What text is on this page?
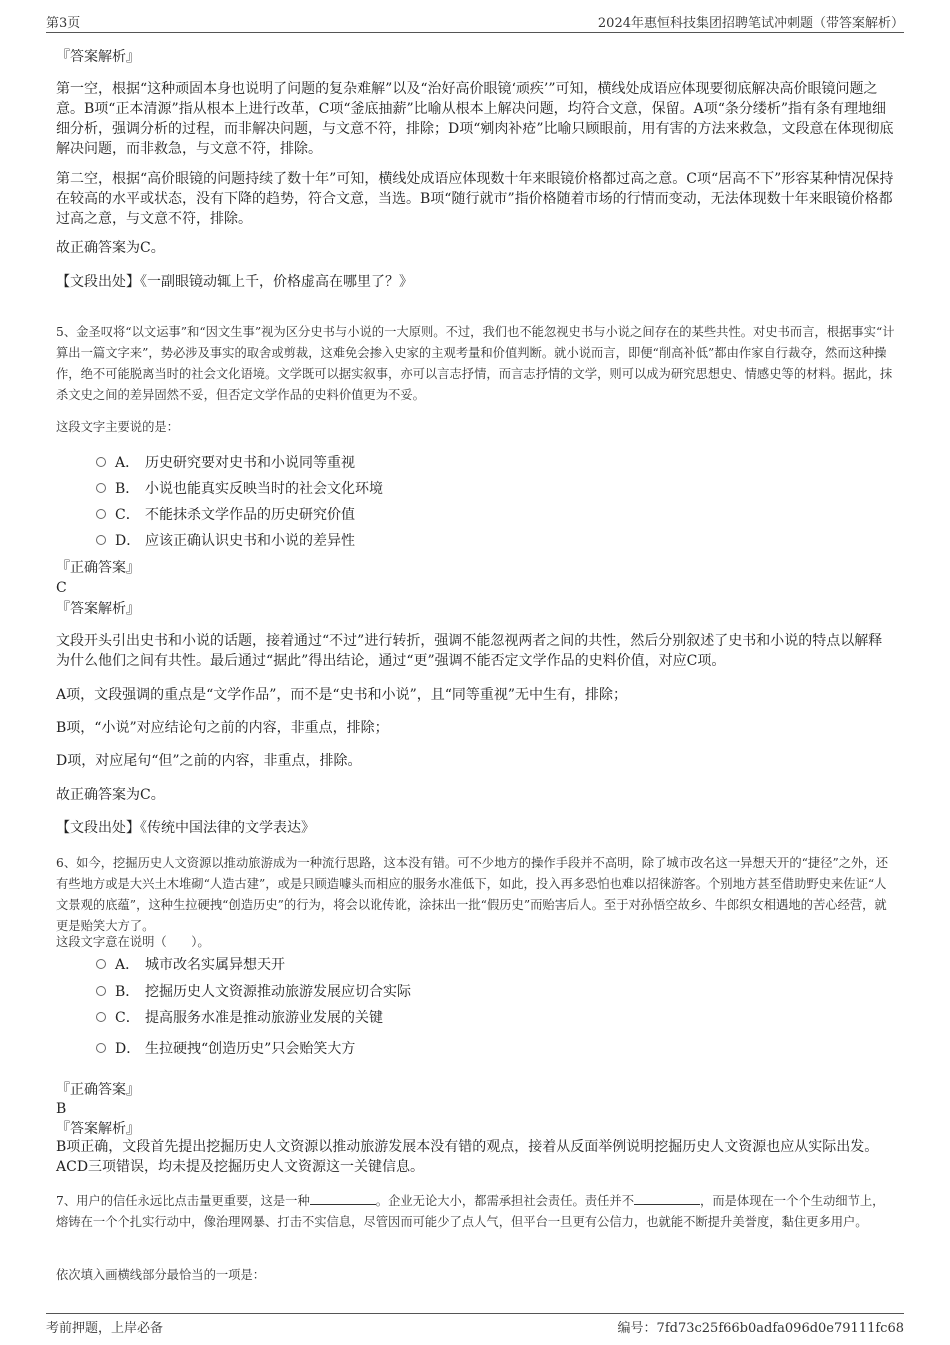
第3页	2024年惠恒科技集团招聘笔试冲刺题（带答案解析）
『答案解析』
第一空，根据“这种顽固本身也说明了问题的复杂难解”以及“治好高价眼镜‘顽疾’”可知，横线处成语应体现要彻底解决高价眼镜问题之意。B项“正本清源”指从根本上进行改革，C项“釜底抽薪”比喻从根本上解决问题，均符合文意，保留。A项“条分缕析”指有条有理地细细分析，强调分析的过程，而非解决问题，与文意不符，排除；D项“剜肉补疮”比喻只顾眼前，用有害的方法来救急，文段意在体现彻底解决问题，而非救急，与文意不符，排除。
第二空，根据“高价眼镜的问题持续了数十年”可知，横线处成语应体现数十年来眼镜价格都过高之意。C项“居高不下”形容某种情况保持在较高的水平或状态，没有下降的趋势，符合文意，当选。B项“随行就市”指价格随着市场的行情而变动，无法体现数十年来眼镜价格都过高之意，与文意不符，排除。
故正确答案为C。
【文段出处】《一副眼镜动辄上千，价格虚高在哪里了？》
5、金圣叹将“以文运事”和“因文生事”视为区分史书与小说的一大原则。不过，我们也不能忽视史书与小说之间存在的某些共性。对史书而言，根据事实“计算出一篇文字来”，势必涉及事实的取舍或剪裁，这难免会掺入史家的主观考量和价值判断。就小说而言，即便“削高补低”都由作家自行裁夺，然而这种操作，绝不可能脱离当时的社会文化语境。文学既可以据实叙事，亦可以言志抒情，而言志抒情的文学，则可以成为研究思想史、情感史等的材料。据此，抹杀文史之间的差异固然不妥，但否定文学作品的史料价值更为不妥。
这段文字主要说的是：
A． 历史研究要对史书和小说同等重视
B． 小说也能真实反映当时的社会文化环境
C． 不能抹杀文学作品的历史研究价值
D． 应该正确认识史书和小说的差异性
『正确答案』
C
『答案解析』
文段开头引出史书和小说的话题，接着通过“不过”进行转折，强调不能忽视两者之间的共性，然后分别叙述了史书和小说的特点以解释为什么他们之间有共性。最后通过“据此”得出结论，通过“更”强调不能否定文学作品的史料价值，对应C项。
A项，文段强调的重点是“文学作品”，而不是“史书和小说”，且“同等重视”无中生有，排除；
B项，“小说”对应结论句之前的内容，非重点，排除；
D项，对应尾句“但”之前的内容，非重点，排除。
故正确答案为C。
【文段出处】《传统中国法律的文学表达》
6、如今，挖掘历史人文资源以推动旅游成为一种流行思路，这本没有错。可不少地方的操作手段并不高明，除了城市改名这一异想天开的“捷径”之外，还有些地方或是大兴土木堆砌“人造古建”，或是只顾造噱头而相应的服务水准低下，如此，投入再多恐怕也难以招徕游客。个别地方甚至借助野史来佐证“人文景观的底蕴”，这种生拉硬拽“创造历史”的行为，将会以讹传讹，涂抹出一批“假历史”而贻害后人。至于对孙悟空故乡、牛郎织女相遇地的苦心经营，就更是贻笑大方了。
这段文字意在说明（　　）。
A． 城市改名实属异想天开
B． 挖掘历史人文资源推动旅游发展应切合实际
C． 提高服务水准是推动旅游业发展的关键
D． 生拉硬拽“创造历史”只会贻笑大方
『正确答案』
B
『答案解析』
B项正确，文段首先提出挖掘历史人文资源以推动旅游发展本没有错的观点，接着从反面举例说明挖掘历史人文资源也应从实际出发。ACD三项错误，均未提及挖掘历史人文资源这一关键信息。
7、用户的信任永远比点击量更重要，这是一种	。企业无论大小，都需承担社会责任。责任并不	，而是体现在一个个生动细节上，熔铸在一个个扎实行动中，像治理网暴、打击不实信息，尽管因而可能少了点人气，但平台一旦更有公信力，也就能不断提升美誉度，黏住更多用户。
依次填入画横线部分最恰当的一项是：
考前押题，上岸必备	编号：7fd73c25f66b0adfa096d0e79111fc68
